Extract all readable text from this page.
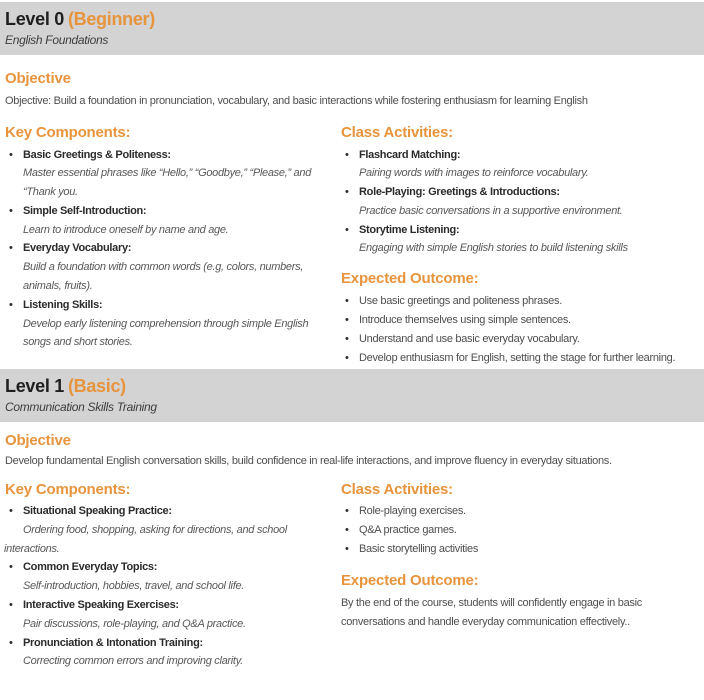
Level 0 (Beginner)
English Foundations
Objective

Objective: Build a foundation in pronunciation, vocabulary, and basic interactions while fostering enthusiasm for learning English

Key Components:
• Basic Greetings & Politeness:
Master essential phrases like “Hello,” “Goodbye,” “Please,” and “Thank you.
• Simple Self-Introduction:
Learn to introduce oneself by name and age.
• Everyday Vocabulary:
Build a foundation with common words (e.g, colors, numbers, animals, fruits).
• Listening Skills:
Develop early listening comprehension through simple English songs and short stories.
Class Activities:
• Flashcard Matching:
Pairing words with images to reinforce vocabulary.
• Role-Playing: Greetings & Introductions:
Practice basic conversations in a supportive environment.
• Storytime Listening:
Engaging with simple English stories to build listening skills
Expected Outcome:
• Use basic greetings and politeness phrases.
• Introduce themselves using simple sentences.
• Understand and use basic everyday vocabulary.
• Develop enthusiasm for English, setting the stage for further learning.
Level 1 (Basic)
Communication Skills Training
Objective

Develop fundamental English conversation skills, build confidence in real-life interactions, and improve fluency in everyday situations.

Key Components:
• Situational Speaking Practice:
Ordering food, shopping, asking for directions, and school interactions.
• Common Everyday Topics:
Self-introduction, hobbies, travel, and school life.
• Interactive Speaking Exercises:
Pair discussions, role-playing, and Q&A practice.
• Pronunciation & Intonation Training:
Correcting common errors and improving clarity.
Class Activities:
• Role-playing exercises.
• Q&A practice games.
• Basic storytelling activities
Expected Outcome:

By the end of the course, students will confidently engage in basic conversations and handle everyday communication effectively..
